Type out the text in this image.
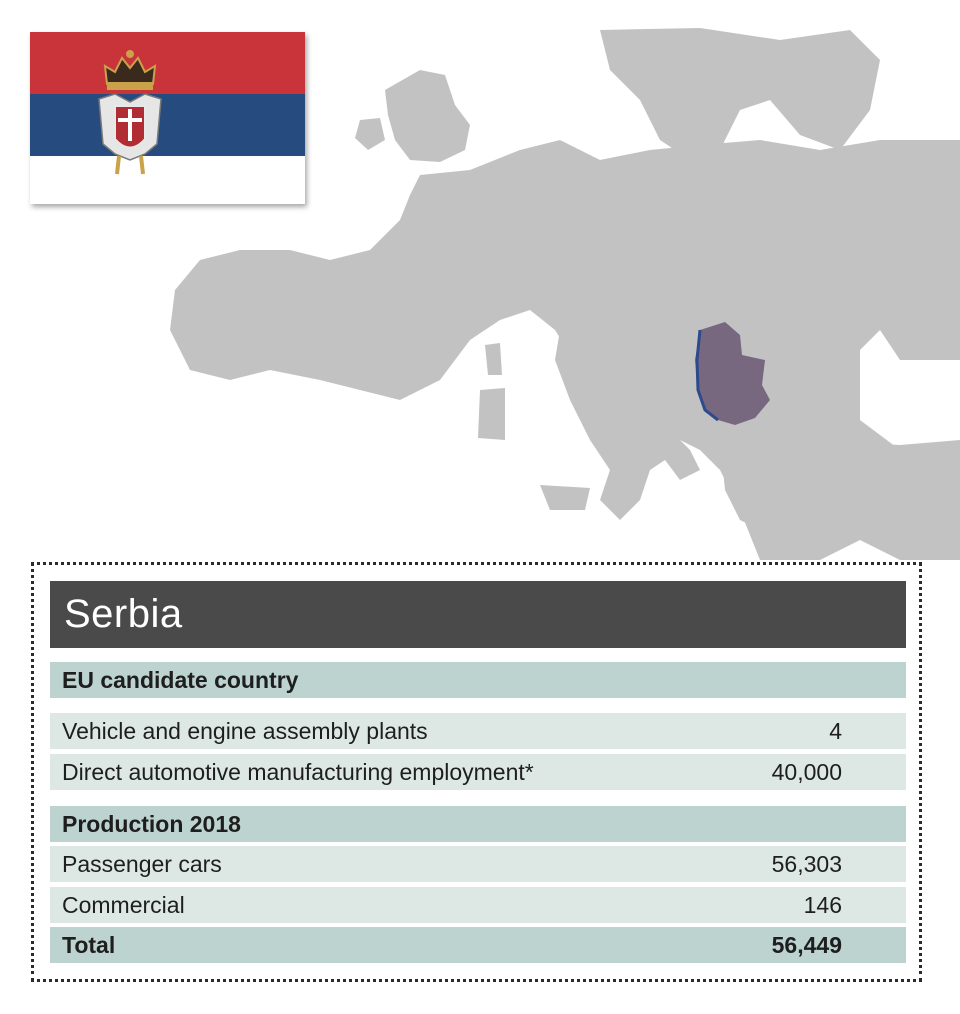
Serbia
EU candidate country
Vehicle and engine assembly plants	4
Direct automotive manufacturing employment*	40,000
Production 2018
Passenger cars	56,303
Commercial	146
Total	56,449
